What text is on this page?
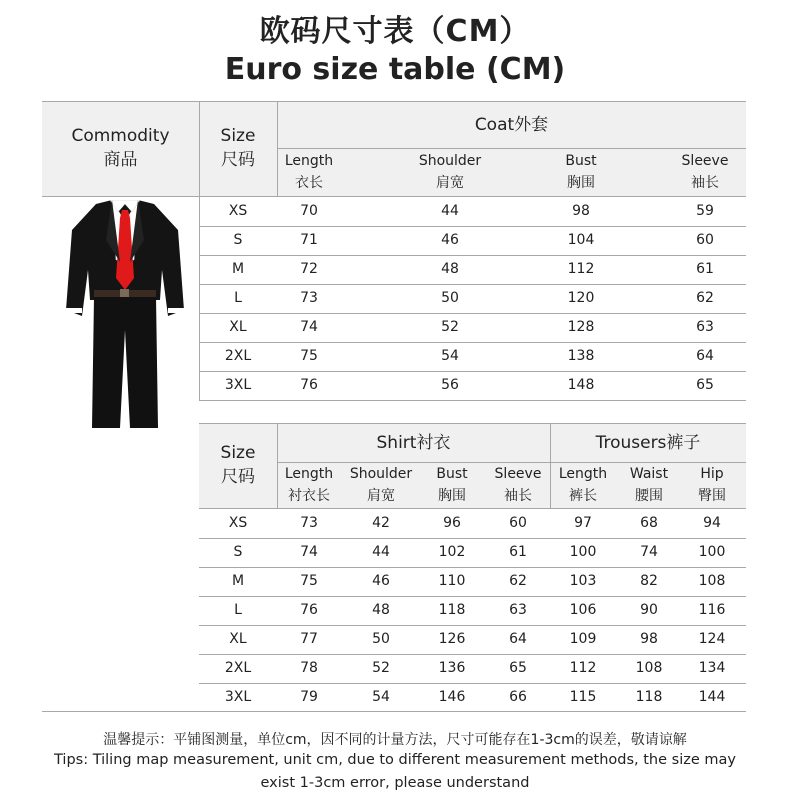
欧码尺寸表（CM）
Euro size table (CM)
Commodity
商品
Size
尺码
Coat外套
Length
衣长
Shoulder
肩宽
Bust
胸围
Sleeve
袖长
XS	70	44	98	59
S	71	46	104	60
M	72	48	112	61
L	73	50	120	62
XL	74	52	128	63
2XL	75	54	138	64
3XL	76	56	148	65
Size
尺码
Shirt衬衣	Trousers裤子
Length
衬衣长
Shoulder
肩宽
Bust
胸围
Sleeve
袖长
Length
裤长
Waist
腰围
Hip
臀围
XS	73	42	96	60	97	68	94
S	74	44	102	61	100	74	100
M	75	46	110	62	103	82	108
L	76	48	118	63	106	90	116
XL	77	50	126	64	109	98	124
2XL	78	52	136	65	112	108	134
3XL	79	54	146	66	115	118	144
温馨提示：平铺图测量，单位cm，因不同的计量方法，尺寸可能存在1-3cm的误差，敬请谅解
Tips: Tiling map measurement, unit cm, due to different measurement methods, the size may
exist 1-3cm error, please understand
